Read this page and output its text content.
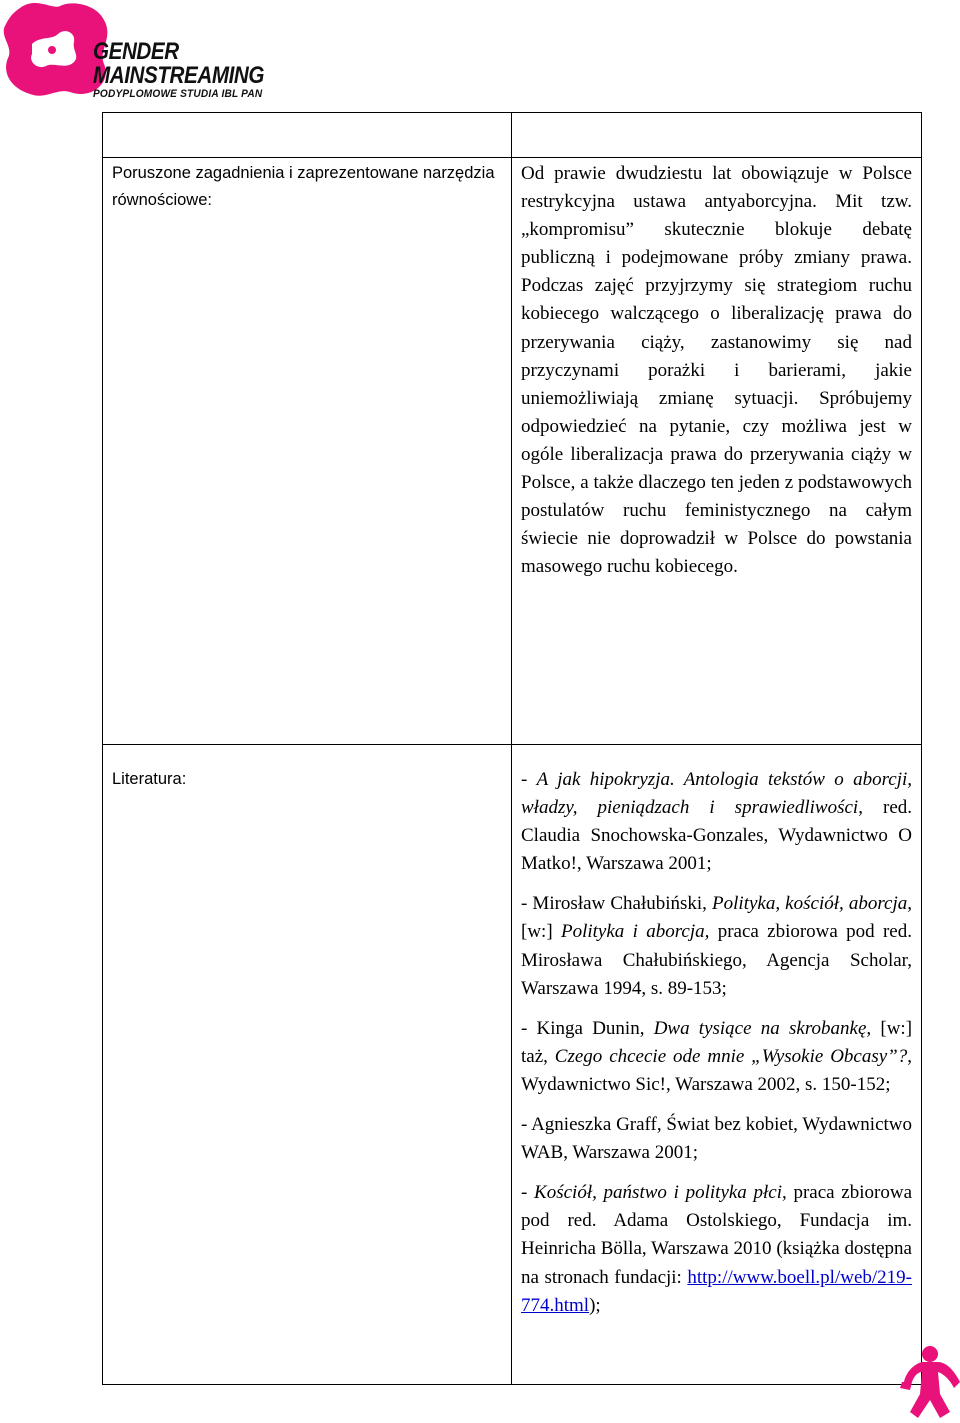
GENDER
MAINSTREAMING
PODYPLOMOWE STUDIA IBL PAN

Poruszone zagadnienia i zaprezentowane narzędzia równościowe:	Od prawie dwudziestu lat obowiązuje w Polsce restrykcyjna ustawa antyaborcyjna. Mit tzw. „kompromisu” skutecznie blokuje debatę publiczną i podejmowane próby zmiany prawa. Podczas zajęć przyjrzymy się strategiom ruchu kobiecego walczącego o liberalizację prawa do przerywania ciąży, zastanowimy się nad przyczynami porażki i barierami, jakie uniemożliwiają zmianę sytuacji. Spróbujemy odpowiedzieć na pytanie, czy możliwa jest w ogóle liberalizacja prawa do przerywania ciąży w Polsce, a także dlaczego ten jeden z podstawowych postulatów ruchu feministycznego na całym świecie nie doprowadził w Polsce do powstania masowego ruchu kobiecego.
Literatura:	- A jak hipokryzja. Antologia tekstów o aborcji, władzy, pieniądzach i sprawiedliwości, red. Claudia Snochowska-Gonzales, Wydawnictwo O Matko!, Warszawa 2001;

- Mirosław Chałubiński, Polityka, kościół, aborcja, [w:] Polityka i aborcja, praca zbiorowa pod red. Mirosława Chałubińskiego, Agencja Scholar, Warszawa 1994, s. 89-153;

- Kinga Dunin, Dwa tysiące na skrobankę, [w:] taż, Czego chcecie ode mnie „Wysokie Obcasy”?, Wydawnictwo Sic!, Warszawa 2002, s. 150-152;

- Agnieszka Graff, Świat bez kobiet, Wydawnictwo WAB, Warszawa 2001;

- Kościół, państwo i polityka płci, praca zbiorowa pod red. Adama Ostolskiego, Fundacja im. Heinricha Bölla, Warszawa 2010 (książka dostępna na stronach fundacji: http://www.boell.pl/web/219-774.html);
